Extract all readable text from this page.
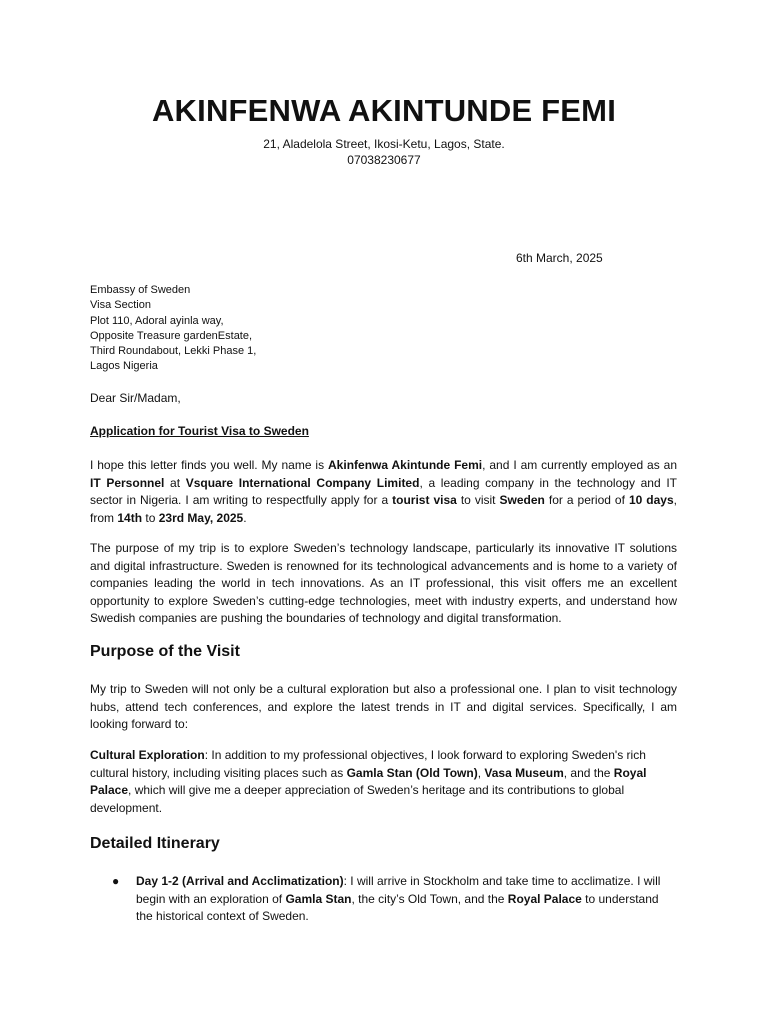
AKINFENWA AKINTUNDE FEMI
21, Aladelola Street, Ikosi-Ketu, Lagos, State.
07038230677
6th March, 2025
Embassy of Sweden
Visa Section
Plot 110, Adoral ayinla way,
Opposite Treasure gardenEstate,
Third Roundabout, Lekki Phase 1,
Lagos Nigeria
Dear Sir/Madam,
Application for Tourist Visa to Sweden

I hope this letter finds you well. My name is Akinfenwa Akintunde Femi, and I am currently employed as an IT Personnel at Vsquare International Company Limited, a leading company in the technology and IT sector in Nigeria. I am writing to respectfully apply for a tourist visa to visit Sweden for a period of 10 days, from 14th to 23rd May, 2025.

The purpose of my trip is to explore Sweden’s technology landscape, particularly its innovative IT solutions and digital infrastructure. Sweden is renowned for its technological advancements and is home to a variety of companies leading the world in tech innovations. As an IT professional, this visit offers me an excellent opportunity to explore Sweden’s cutting-edge technologies, meet with industry experts, and understand how Swedish companies are pushing the boundaries of technology and digital transformation.

Purpose of the Visit

My trip to Sweden will not only be a cultural exploration but also a professional one. I plan to visit technology hubs, attend tech conferences, and explore the latest trends in IT and digital services. Specifically, I am looking forward to:

Cultural Exploration: In addition to my professional objectives, I look forward to exploring Sweden's rich cultural history, including visiting places such as Gamla Stan (Old Town), Vasa Museum, and the Royal Palace, which will give me a deeper appreciation of Sweden’s heritage and its contributions to global development.

Detailed Itinerary
● Day 1-2 (Arrival and Acclimatization): I will arrive in Stockholm and take time to acclimatize. I will begin with an exploration of Gamla Stan, the city’s Old Town, and the Royal Palace to understand the historical context of Sweden.
